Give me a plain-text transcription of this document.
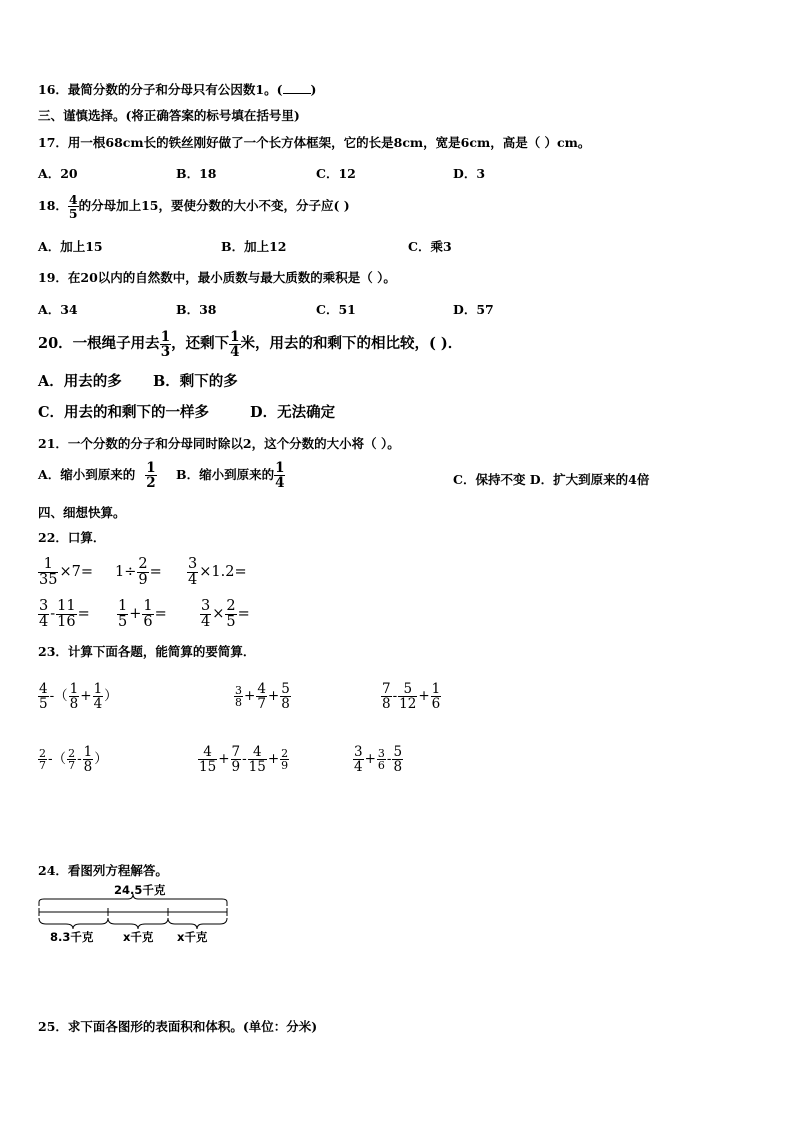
16．最简分数的分子和分母只有公因数1。( )
三、谨慎选择。(将正确答案的标号填在括号里)
17．用一根68cm长的铁丝刚好做了一个长方体框架，它的长是8cm，宽是6cm，高是（ ）cm。
A．20	B．18	C．12	D．3
18． $\frac{4}{5}$ 的分母加上15，要使分数的大小不变，分子应( )
A．加上15	B．加上12	C．乘3
19．在20以内的自然数中，最小质数与最大质数的乘积是（ ）。
A．34	B．38	C．51	D．57
20．一根绳子用去 $\frac{1}{3}$ ，还剩下 $\frac{1}{4}$ 米，用去的和剩下的相比较，( )．
A．用去的多 B．剩下的多
C．用去的和剩下的一样多	D．无法确定
21．一个分数的分子和分母同时除以2，这个分数的大小将（ ）。
A．缩小到原来的 $\frac{1}{2}$ B．缩小到原来的 $\frac{1}{4}$	C．保持不变 D．扩大到原来的4倍
四、细想快算。
22．口算．
$\frac{1}{35} \times 7= 1\div \frac{2}{9} = \frac{3}{4} \times 1.2=$
$\frac{3}{4} - \frac{11}{16} = \frac{1}{5} + \frac{1}{6} = \frac{3}{4} \times \frac{2}{5}$ =
23．计算下面各题，能简算的要简算．
$\frac{4}{5}$ -（ $\frac{1}{8} + \frac{1}{4}$ ）	$\frac{3}{8} + \frac{4}{7} + \frac{5}{8}$	$\frac{7}{8} - \frac{5}{12} + \frac{1}{6}$
$\frac{2}{7}$ -（ $\frac{2}{7} - \frac{1}{8}$ ）	$\frac{4}{15} + \frac{7}{9} - \frac{4}{15} + \frac{2}{9}$	$\frac{3}{4} + \frac{3}{6} - \frac{5}{8}$
24．看图列方程解答。
24.5千克
8.3千克	x千克 x千克
25．求下面各图形的表面积和体积。(单位：分米)
